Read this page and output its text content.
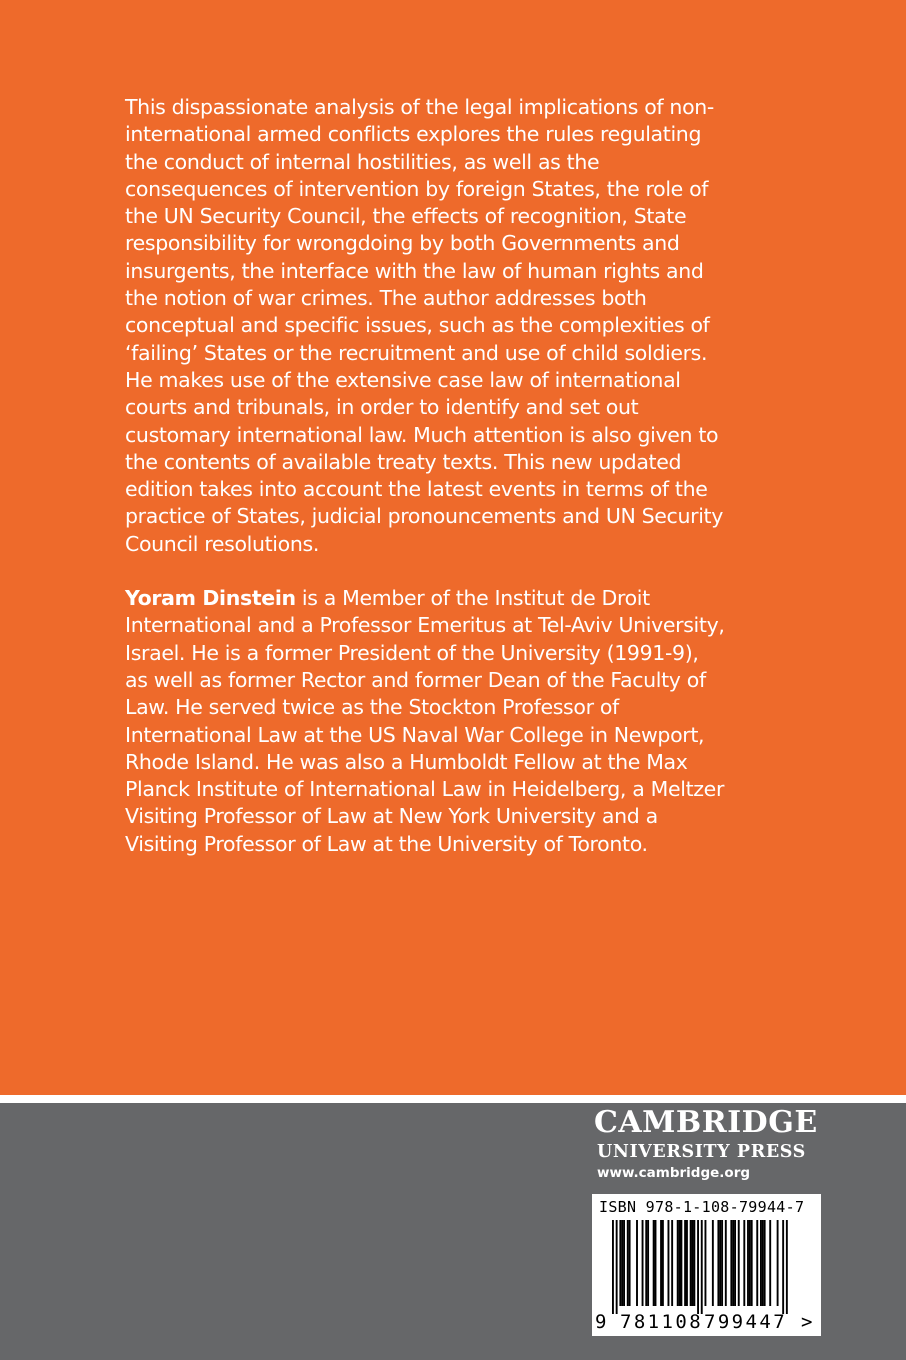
This dispassionate analysis of the legal implications of non-international armed conflicts explores the rules regulating the conduct of internal hostilities, as well as the consequences of intervention by foreign States, the role of the UN Security Council, the effects of recognition, State responsibility for wrongdoing by both Governments and insurgents, the interface with the law of human rights and the notion of war crimes. The author addresses both conceptual and specific issues, such as the complexities of ‘failing’ States or the recruitment and use of child soldiers. He makes use of the extensive case law of international courts and tribunals, in order to identify and set out customary international law. Much attention is also given to the contents of available treaty texts. This new updated edition takes into account the latest events in terms of the practice of States, judicial pronouncements and UN Security Council resolutions.

Yoram Dinstein is a Member of the Institut de Droit International and a Professor Emeritus at Tel-Aviv University, Israel. He is a former President of the University (1991-9), as well as former Rector and former Dean of the Faculty of Law. He served twice as the Stockton Professor of International Law at the US Naval War College in Newport, Rhode Island. He was also a Humboldt Fellow at the Max Planck Institute of International Law in Heidelberg, a Meltzer Visiting Professor of Law at New York University and a Visiting Professor of Law at the University of Toronto.

CAMBRIDGE
UNIVERSITY PRESS
www.cambridge.org
ISBN 978-1-108-79944-7
9 781108 799447 >
